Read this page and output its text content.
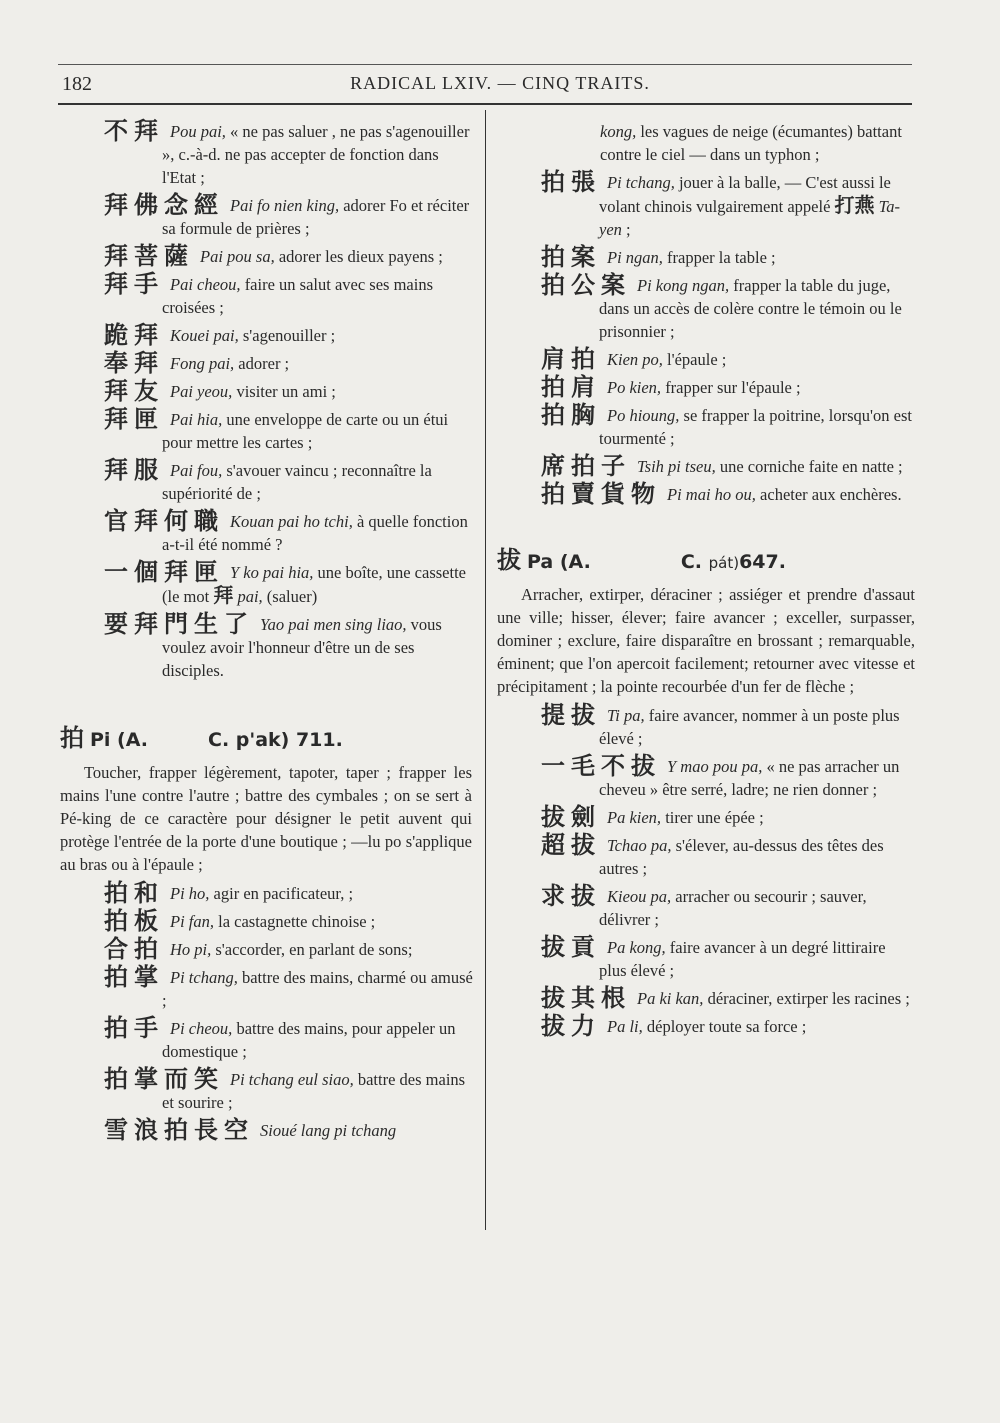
182	RADICAL LXIV. — CINQ TRAITS.
不拜 Pou pai, « ne pas saluer , ne pas s'agenouiller », c.-à-d. ne pas accepter de fonction dans l'Etat ;
拜佛念經 Pai fo nien king, adorer Fo et réciter sa formule de prières ;
拜菩薩 Pai pou sa, adorer les dieux payens ;
拜手 Pai cheou, faire un salut avec ses mains croisées ;
跪拜 Kouei pai, s'agenouiller ;
奉拜 Fong pai, adorer ;
拜友 Pai yeou, visiter un ami ;
拜匣 Pai hia, une enveloppe de carte ou un étui pour mettre les cartes ;
拜服 Pai fou, s'avouer vaincu ; reconnaître la supériorité de ;
官拜何職 Kouan pai ho tchi, à quelle fonction a-t-il été nommé ?
一個拜匣 Y ko pai hia, une boîte, une cassette (le mot 拜 pai, (saluer)
要拜門生了 Yao pai men sing liao, vous voulez avoir l'honneur d'être un de ses disciples.
拍 Pi (A.	C. p'ak) 711.
Toucher, frapper légèrement, tapoter, taper ; frapper les mains l'une contre l'autre ; battre des cymbales ; on se sert à Pé-king de ce caractère pour désigner le petit auvent qui protège l'entrée de la porte d'une boutique ; —lu po s'applique au bras ou à l'épaule ;
拍和 Pi ho, agir en pacificateur, ;
拍板 Pi fan, la castagnette chinoise ;
合拍 Ho pi, s'accorder, en parlant de sons;
拍掌 Pi tchang, battre des mains, charmé ou amusé ;
拍手 Pi cheou, battre des mains, pour appeler un domestique ;
拍掌而笑 Pi tchang eul siao, battre des mains et sourire ;
雪浪拍長空 Sioué lang pi tchang
kong, les vagues de neige (écumantes) battant contre le ciel — dans un typhon ;
拍張 Pi tchang, jouer à la balle, — C'est aussi le volant chinois vulgairement appelé 打燕 Ta-yen ;
拍案 Pi ngan, frapper la table ;
拍公案 Pi kong ngan, frapper la table du juge, dans un accès de colère contre le témoin ou le prisonnier ;
肩拍 Kien po, l'épaule ;
拍肩 Po kien, frapper sur l'épaule ;
拍胸 Po hioung, se frapper la poitrine, lorsqu'on est tourmenté ;
席拍子 Tsih pi tseu, une corniche faite en natte ;
拍賣貨物 Pi mai ho ou, acheter aux enchères.
拔 Pa (A.	C. pát)647.
Arracher, extirper, déraciner ; assiéger et prendre d'assaut une ville; hisser, élever; faire avancer ; exceller, surpasser, dominer ; exclure, faire disparaître en brossant ; remarquable, éminent; que l'on apercoit facilement; retourner avec vitesse et précipitament ; la pointe recourbée d'un fer de flèche ;
提拔 Ti pa, faire avancer, nommer à un poste plus élevé ;
一毛不拔 Y mao pou pa, « ne pas arracher un cheveu » être serré, ladre; ne rien donner ;
拔劍 Pa kien, tirer une épée ;
超拔 Tchao pa, s'élever, au-dessus des têtes des autres ;
求拔 Kieou pa, arracher ou secourir ; sauver, délivrer ;
拔貢 Pa kong, faire avancer à un degré littiraire plus élevé ;
拔其根 Pa ki kan, déraciner, extirper les racines ;
拔力 Pa li, déployer toute sa force ;
